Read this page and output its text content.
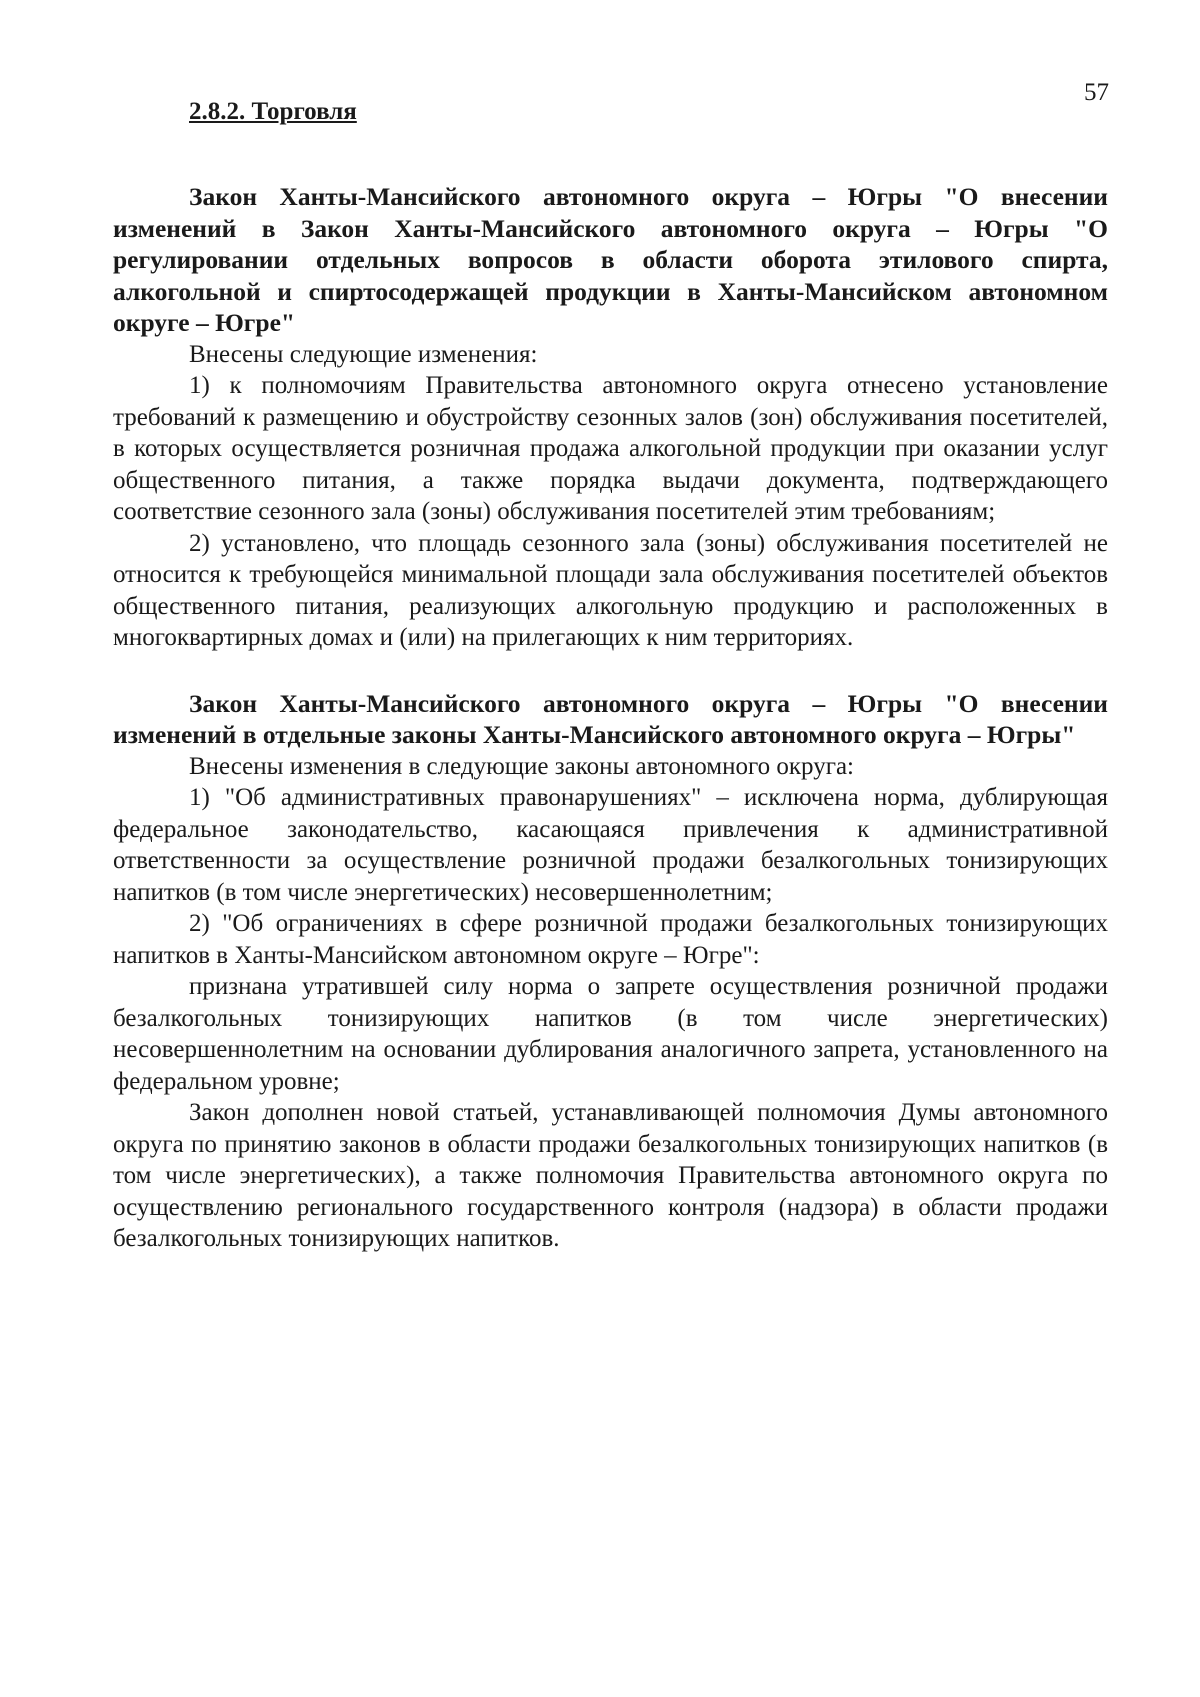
57
2.8.2. Торговля

Закон Ханты-Мансийского автономного округа – Югры "О внесении изменений в Закон Ханты-Мансийского автономного округа – Югры "О регулировании отдельных вопросов в области оборота этилового спирта, алкогольной и спиртосодержащей продукции в Ханты-Мансийском автономном округе – Югре"

Внесены следующие изменения:

1) к полномочиям Правительства автономного округа отнесено установление требований к размещению и обустройству сезонных залов (зон) обслуживания посетителей, в которых осуществляется розничная продажа алкогольной продукции при оказании услуг общественного питания, а также порядка выдачи документа, подтверждающего соответствие сезонного зала (зоны) обслуживания посетителей этим требованиям;

2) установлено, что площадь сезонного зала (зоны) обслуживания посетителей не относится к требующейся минимальной площади зала обслуживания посетителей объектов общественного питания, реализующих алкогольную продукцию и расположенных в многоквартирных домах и (или) на прилегающих к ним территориях.

Закон Ханты-Мансийского автономного округа – Югры "О внесении изменений в отдельные законы Ханты-Мансийского автономного округа – Югры"

Внесены изменения в следующие законы автономного округа:

1) "Об административных правонарушениях" – исключена норма, дублирующая федеральное законодательство, касающаяся привлечения к административной ответственности за осуществление розничной продажи безалкогольных тонизирующих напитков (в том числе энергетических) несовершеннолетним;

2) "Об ограничениях в сфере розничной продажи безалкогольных тонизирующих напитков в Ханты-Мансийском автономном округе – Югре":

признана утратившей силу норма о запрете осуществления розничной продажи безалкогольных тонизирующих напитков (в том числе энергетических) несовершеннолетним на основании дублирования аналогичного запрета, установленного на федеральном уровне;

Закон дополнен новой статьей, устанавливающей полномочия Думы автономного округа по принятию законов в области продажи безалкогольных тонизирующих напитков (в том числе энергетических), а также полномочия Правительства автономного округа по осуществлению регионального государственного контроля (надзора) в области продажи безалкогольных тонизирующих напитков.
